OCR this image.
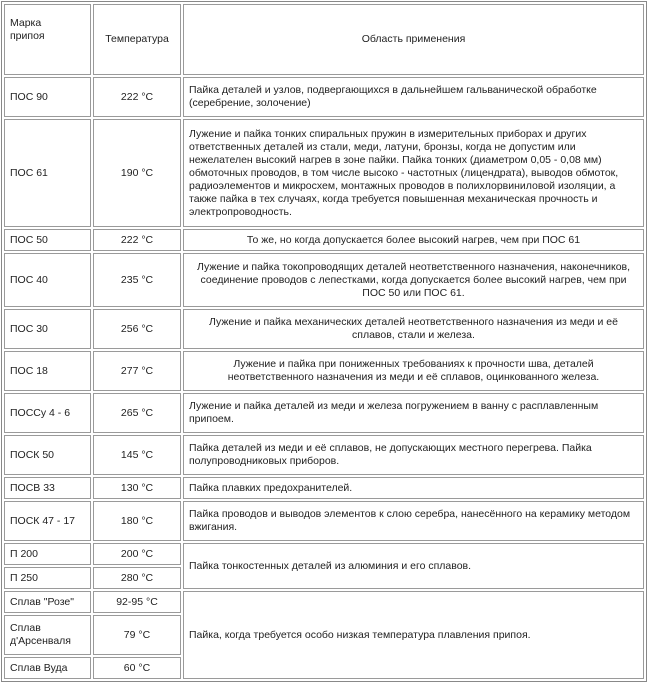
Марка
припоя	Температура	Область применения
ПОС 90	222 °С	Пайка деталей и узлов, подвергающихся в дальнейшем гальванической обработке (серебрение, золочение)
ПОС 61	190 °С	Лужение и пайка тонких спиральных пружин в измерительных приборах и других ответственных деталей из стали, меди, латуни, бронзы, когда не допустим или нежелателен высокий нагрев в зоне пайки. Пайка тонких (диаметром 0,05 - 0,08 мм) обмоточных проводов, в том числе высоко - частотных (лицендрата), выводов обмоток, радиоэлементов и микросхем, монтажных проводов в полихлорвиниловой изоляции, а также пайка в тех случаях, когда требуется повышенная механическая прочность и электропроводность.
ПОС 50	222 °С	То же, но когда допускается более высокий нагрев, чем при ПОС 61
ПОС 40	235 °С	Лужение и пайка токопроводящих деталей неответственного назначения, наконечников, соединение проводов с лепестками, когда допускается более высокий нагрев, чем при ПОС 50 или ПОС 61.
ПОС 30	256 °С	Лужение и пайка механических деталей неответственного назначения из меди и её сплавов, стали и железа.
ПОС 18	277 °С	Лужение и пайка при пониженных требованиях к прочности шва, деталей неответственного назначения из меди и её сплавов, оцинкованного железа.
ПОССу 4 - 6	265 °С	Лужение и пайка деталей из меди и железа погружением в ванну с расплавленным припоем.
ПОСК 50	145 °С	Пайка деталей из меди и её сплавов, не допускающих местного перегрева. Пайка полупроводниковых приборов.
ПОСВ 33	130 °С	Пайка плавких предохранителей.
ПОСК 47 - 17	180 °С	Пайка проводов и выводов элементов к слою серебра, нанесённого на керамику методом вжигания.
П 200	200 °С	Пайка тонкостенных деталей из алюминия и его сплавов.
П 250	280 °С	
Сплав "Розе"	92-95 °С	Пайка, когда требуется особо низкая температура плавления припоя.
Сплав д'Арсенваля	79 °С	
Сплав Вуда	60 °С	
